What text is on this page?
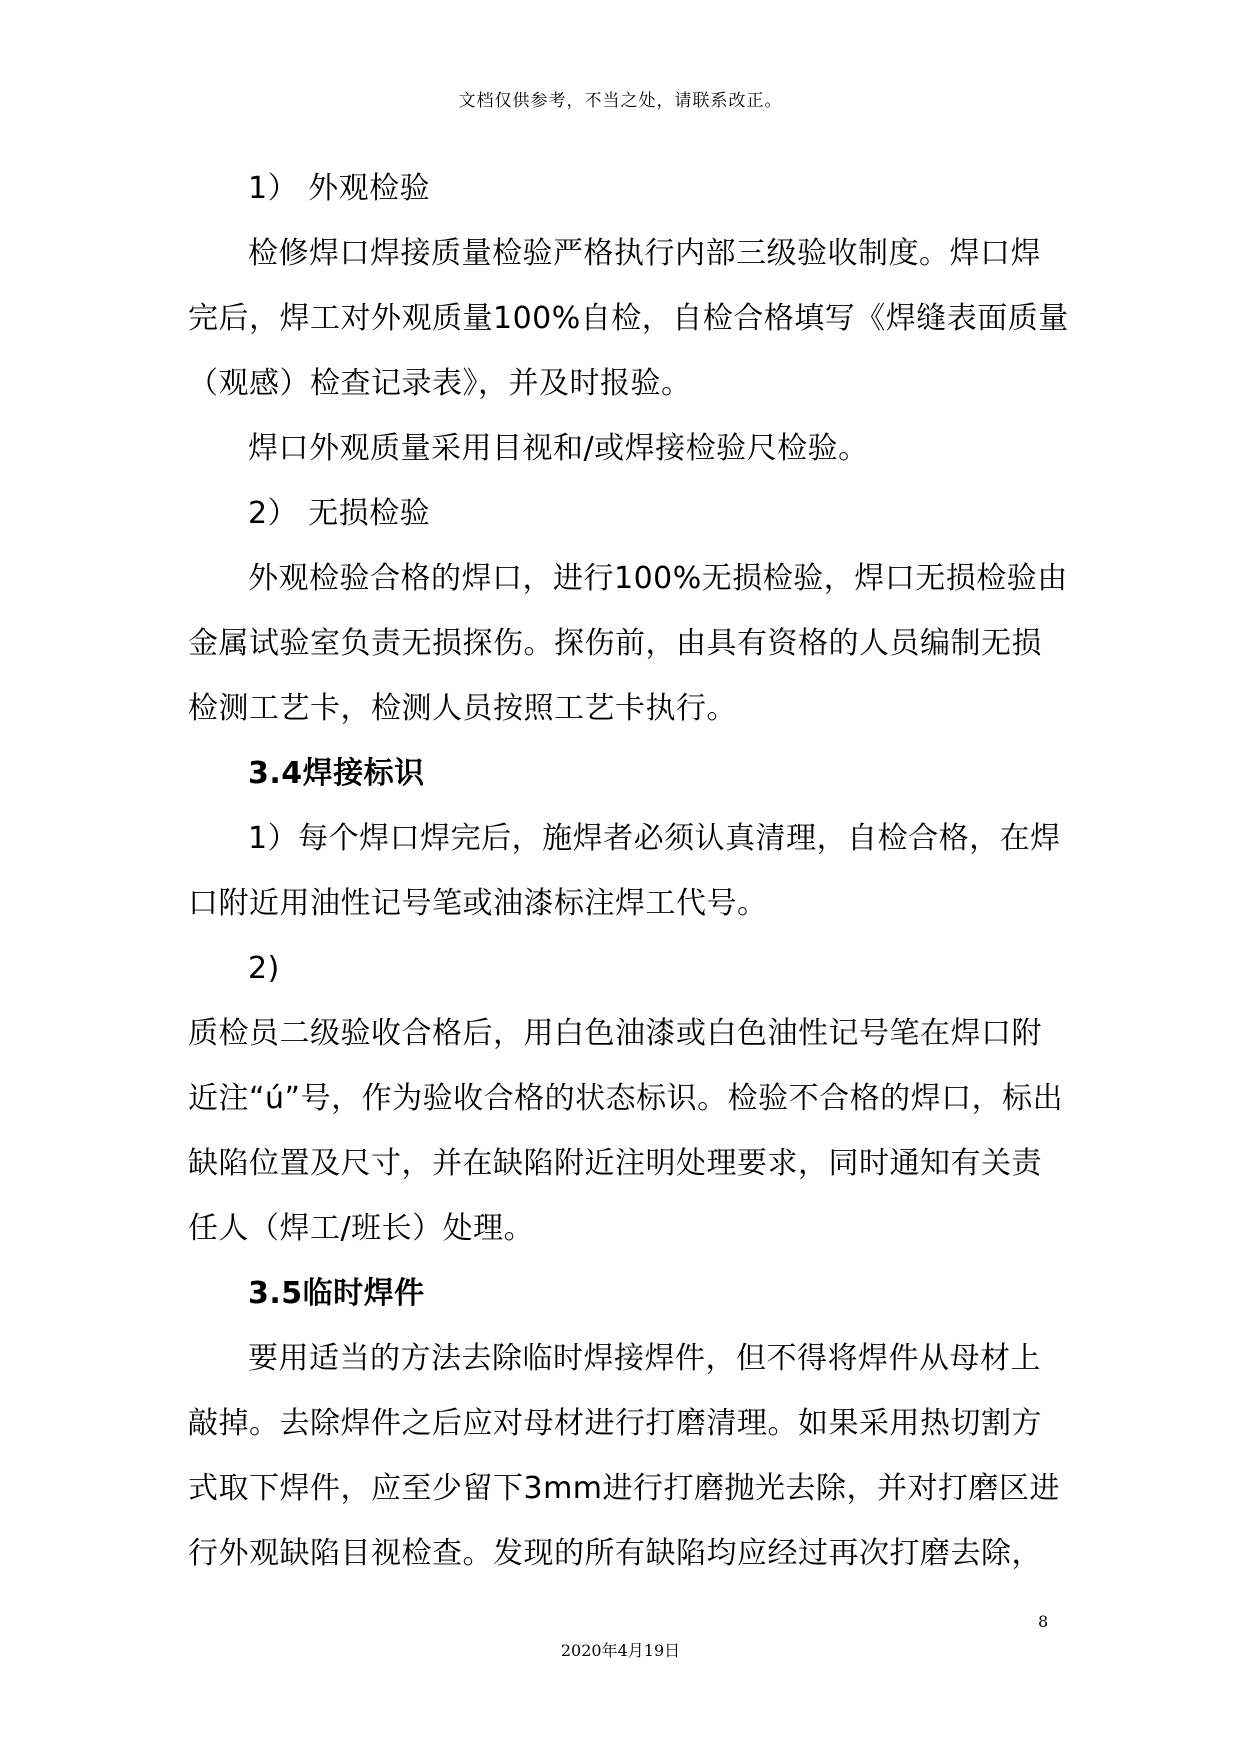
文档仅供参考，不当之处，请联系改正。
1） 外观检验
检修焊口焊接质量检验严格执行内部三级验收制度。焊口焊
完后，焊工对外观质量100%自检，自检合格填写《焊缝表面质量
（观感）检查记录表》，并及时报验。
焊口外观质量采用目视和/或焊接检验尺检验。
2） 无损检验
外观检验合格的焊口，进行100%无损检验，焊口无损检验由
金属试验室负责无损探伤。探伤前，由具有资格的人员编制无损
检测工艺卡，检测人员按照工艺卡执行。
3.4焊接标识
1）每个焊口焊完后，施焊者必须认真清理，自检合格，在焊
口附近用油性记号笔或油漆标注焊工代号。
2)
质检员二级验收合格后，用白色油漆或白色油性记号笔在焊口附
近注“ú”号，作为验收合格的状态标识。检验不合格的焊口，标出
缺陷位置及尺寸，并在缺陷附近注明处理要求，同时通知有关责
任人（焊工/班长）处理。
3.5临时焊件
要用适当的方法去除临时焊接焊件，但不得将焊件从母材上
敲掉。去除焊件之后应对母材进行打磨清理。如果采用热切割方
式取下焊件，应至少留下3mm进行打磨抛光去除，并对打磨区进
行外观缺陷目视检查。发现的所有缺陷均应经过再次打磨去除，
8
2020年4月19日
